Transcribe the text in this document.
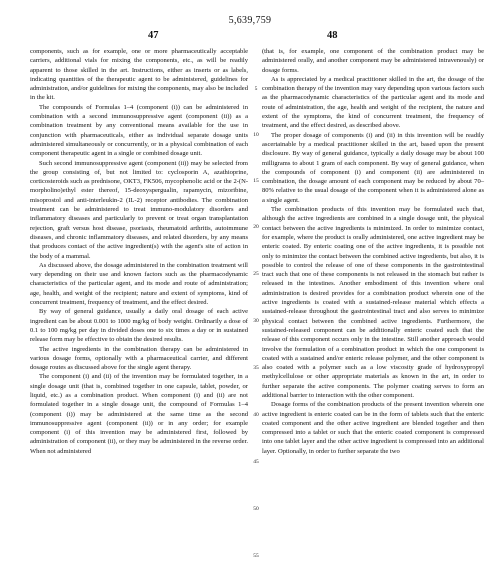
5,639,759
47	48

components, such as for example, one or more pharmaceutically acceptable carriers, additional vials for mixing the components, etc., as will be readily apparent to those skilled in the art. Instructions, either as inserts or as labels, indicating quantities of the therapeutic agent to be administered, guidelines for administration, and/or guidelines for mixing the components, may also be included in the kit.

The compounds of Formulas 1–4 (component (i)) can be administered in combination with a second immunosuppressive agent (component (ii)) as a combination treatment by any conventional means available for the use in conjunction with pharmaceuticals, either as individual separate dosage units administered simultaneously or concurrently, or in a physical combination of each component therapeutic agent in a single or combined dosage unit.

Such second immunosuppressive agent (component (ii)) may be selected from the group consisting of, but not limited to: cyclosporin A, azathioprine, corticosteroids such as prednisone, OKT3, FK506, mycophenolic acid or the 2-(N-morpholino)ethyl ester thereof, 15-deoxyspergualin, rapamycin, mizoribine, misoprostol and anti-interleukin-2 (IL-2) receptor antibodies. The combination treatment can be administered to treat immuno-modulatory disorders and inflammatory diseases and particularly to prevent or treat organ transplantation rejection, graft versus host disease, psoriasis, rheumatoid arthritis, autoimmune diseases, and chronic inflammatory diseases, and related disorders, by any means that produces contact of the active ingredient(s) with the agent's site of action in the body of a mammal.

As discussed above, the dosage administered in the combination treatment will vary depending on their use and known factors such as the pharmacodynamic characteristics of the particular agent, and its mode and route of administration; age, health, and weight of the recipient; nature and extent of symptoms, kind of concurrent treatment, frequency of treatment, and the effect desired.

By way of general guidance, usually a daily oral dosage of each active ingredient can be about 0.001 to 1000 mg/kg of body weight. Ordinarily a dose of 0.1 to 100 mg/kg per day in divided doses one to six times a day or in sustained release form may be effective to obtain the desired results.

The active ingredients in the combination therapy can be administered in various dosage forms, optionally with a pharmaceutical carrier, and different dosage routes as discussed above for the single agent therapy.

The component (i) and (ii) of the invention may be formulated together, in a single dosage unit (that is, combined together in one capsule, tablet, powder, or liquid, etc.) as a combination product. When component (i) and (ii) are not formulated together in a single dosage unit, the compound of Formulas 1–4 (component (i)) may be administered at the same time as the second immunosuppressive agent (component (ii)) or in any order; for example component (i) of this invention may be administered first, followed by administration of component (ii), or they may be administered in the reverse order. When not administered

5
10
15
20
25
30
35
40
45
50
55

(that is, for example, one component of the combination product may be administered orally, and another component may be administered intravenously) or dosage forms.

As is appreciated by a medical practitioner skilled in the art, the dosage of the combination therapy of the invention may vary depending upon various factors such as the pharmacodynamic characteristics of the particular agent and its mode and route of administration, the age, health and weight of the recipient, the nature and extent of the symptoms, the kind of concurrent treatment, the frequency of treatment, and the effect desired, as described above.

The proper dosage of components (i) and (ii) in this invention will be readily ascertainable by a medical practitioner skilled in the art, based upon the present disclosure. By way of general guidance, typically a daily dosage may be about 100 milligrams to about 1 gram of each component. By way of general guidance, when the compounds of component (i) and component (ii) are administered in combination, the dosage amount of each component may be reduced by about 70–80% relative to the usual dosage of the component when it is administered alone as a single agent.

The combination products of this invention may be formulated such that, although the active ingredients are combined in a single dosage unit, the physical contact between the active ingredients is minimized. In order to minimize contact, for example, where the product is orally administered, one active ingredient may be enteric coated. By enteric coating one of the active ingredients, it is possible not only to minimize the contact between the combined active ingredients, but also, it is possible to control the release of one of these components in the gastrointestinal tract such that one of these components is not released in the stomach but rather is released in the intestines. Another embodiment of this invention where oral administration is desired provides for a combination product wherein one of the active ingredients is coated with a sustained-release material which effects a sustained-release throughout the gastrointestinal tract and also serves to minimize physical contact between the combined active ingredients. Furthermore, the sustained-released component can be additionally enteric coated such that the release of this component occurs only in the intestine. Still another approach would involve the formulation of a combination product in which the one component is coated with a sustained and/or enteric release polymer, and the other component is also coated with a polymer such as a low viscosity grade of hydroxypropyl methylcellulose or other appropriate materials as known in the art, in order to further separate the active components. The polymer coating serves to form an additional barrier to interaction with the other component.

Dosage forms of the combination products of the present invention wherein one active ingredient is enteric coated can be in the form of tablets such that the enteric coated component and the other active ingredient are blended together and then compressed into a tablet or such that the enteric coated component is compressed into one tablet layer and the other active ingredient is compressed into an additional layer. Optionally, in order to further separate the two
